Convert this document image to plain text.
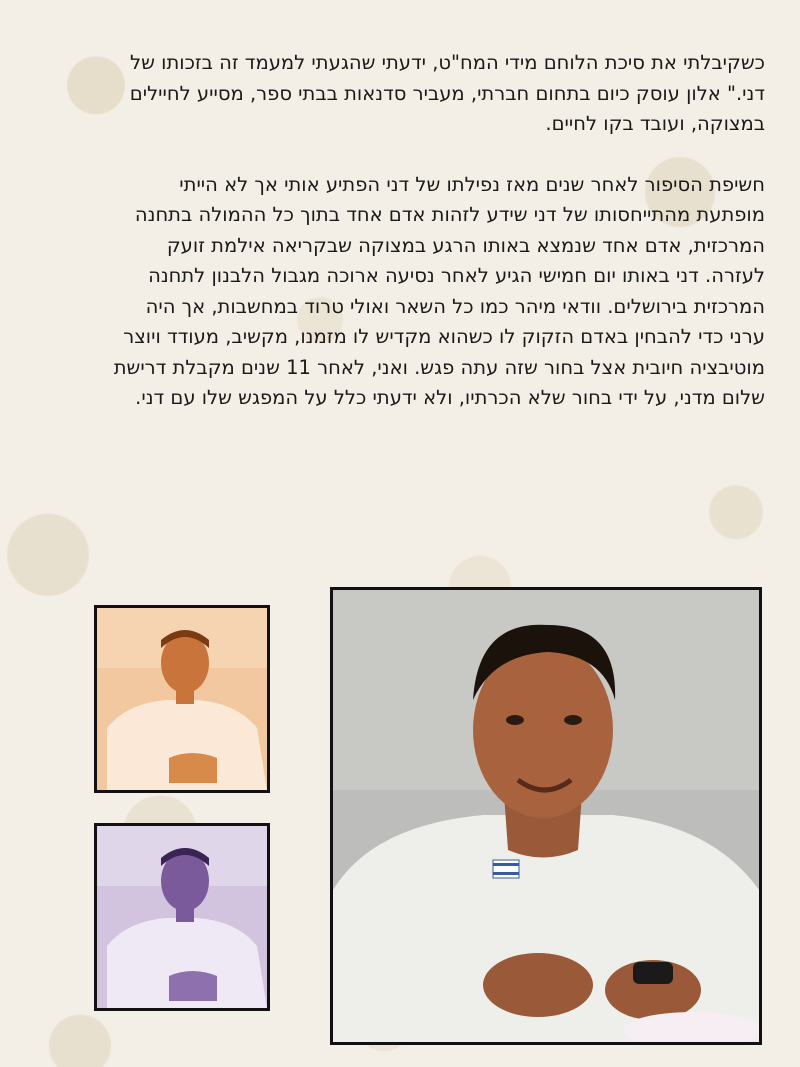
כשקיבלתי את סיכת הלוחם מידי המח"ט, ידעתי שהגעתי למעמד זה בזכותו של דני." אלון עוסק כיום בתחום חברתי, מעביר סדנאות בבתי ספר, מסייע לחיילים במצוקה, ועובד בקו לחיים.

חשיפת הסיפור לאחר שנים מאז נפילתו של דני הפתיע אותי אך לא הייתי מופתעת מהתייחסותו של דני שידע לזהות אדם אחד בתוך כל ההמולה בתחנה המרכזית, אדם אחד שנמצא באותו הרגע במצוקה שבקריאה אילמת זועק לעזרה. דני באותו יום חמישי הגיע לאחר נסיעה ארוכה מגבול הלבנון לתחנה המרכזית בירושלים. וודאי מיהר כמו כל השאר ואולי טרוד במחשבות, אך היה ערני כדי להבחין באדם הזקוק לו כשהוא מקדיש לו מזמנו, מקשיב, מעודד ויוצר מוטיבציה חיובית אצל בחור שזה עתה פגש. ואני, לאחר 11 שנים מקבלת דרישת שלום מדני, על ידי בחור שלא הכרתיו, ולא ידעתי כלל על המפגש שלו עם דני.
